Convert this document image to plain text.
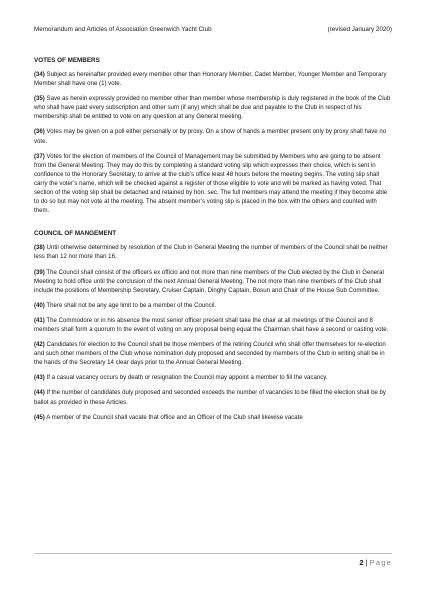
Memorandum and Articles of Association Greenwich Yacht Club	(revised January 2020)

VOTES OF MEMBERS

(34) Subject as hereinafter provided every member other than Honorary Member, Cadet Member, Younger Member and Temporary Member shall have one (1) vote.

(35) Save as herein expressly provided no member other than member whose membership is duly registered in the book of the Club who shall have paid every subscription and other sum (if any) which shall be due and payable to the Club in respect of his membership shall be entitled to vote on any question at any General meeting.

(36) Votes may be given on a poll either personally or by proxy. On a show of hands a member present only by proxy shall have no vote.

(37) Votes for the election of members of the Council of Management may be submitted by Members who are going to be absent from the General Meeting. They may do this by completing a standard voting slip which expresses their choice, which is sent in confidence to the Honorary Secretary, to arrive at the club’s office least 48 hours before the meeting begins. The voting slip shall carry the voter’s name, which will be checked against a register of those eligible to vote and will be marked as having voted. That section of the voting slip shall be detached and retained by hon. sec. The full members may attend the meeting if they become able to do so but may not vote at the meeting. The absent member’s voting slip is placed in the box with the others and counted with them.

COUNCIL OF MANGEMENT

(38) Until otherwise determined by resolution of the Club in General Meeting the number of members of the Council shall be neither less than 12 nor more than 16.

(39) The Council shall consist of the officers ex officio and not more than nine members of the Club elected by the Club in General Meeting to hold office until the conclusion of the next Annual General Meeting. The not more than nine members of the Club shall include the positions of Membership Secretary, Cruiser Captain, Dinghy Captain, Bosun and Chair of the House Sub Committee.

(40) There shall not be any age limit to be a member of the Council.

(41) The Commodore or in his absence the most senior officer present shall take the chair at all meetings of the Council and 8 members shall form a quorum In the event of voting on any proposal being equal the Chairman shall have a second or casting vote.

(42) Candidates for election to the Council shall be those members of the retiring Council who shall offer themselves for re-election and such other members of the Club whose nomination duly proposed and seconded by members of the Club in writing shall be in the hands of the Secretary 14 clear days prior to the Annual General Meeting.

(43) If a casual vacancy occurs by death or resignation the Council may appoint a member to fill the vacancy.

(44) If the number of candidates duly proposed and seconded exceeds the number of vacancies to be filled the election shall be by ballot as provided in these Articles.

(45) A member of the Council shall vacate that office and an Officer of the Club shall likewise vacate

2 | Page
